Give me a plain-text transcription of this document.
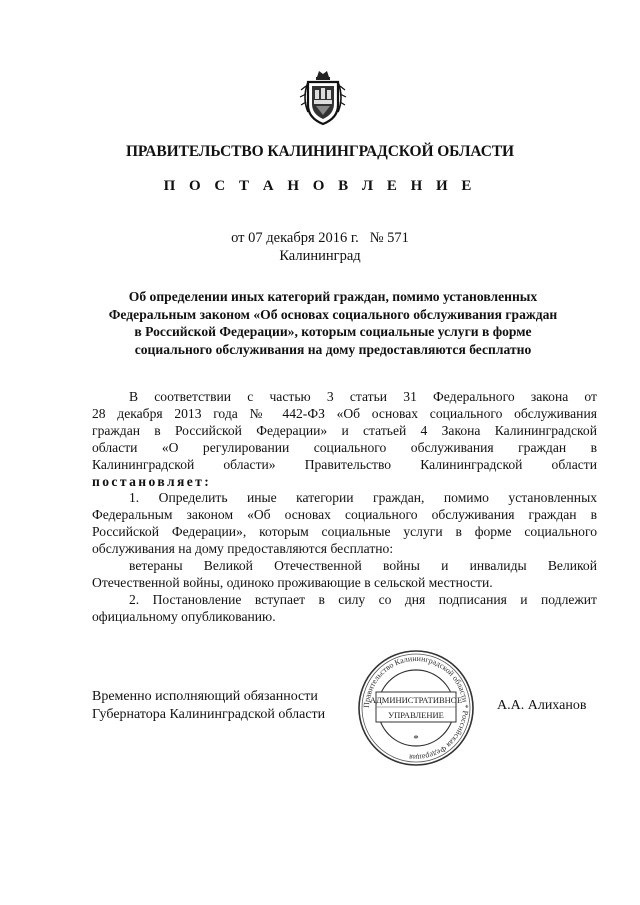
ПРАВИТЕЛЬСТВО КАЛИНИНГРАДСКОЙ ОБЛАСТИ
П О С Т А Н О В Л Е Н И Е
от 07 декабря 2016 г. № 571
Калининград
Об определении иных категорий граждан, помимо установленных
Федеральным законом «Об основах социального обслуживания граждан
в Российской Федерации», которым социальные услуги в форме
социального обслуживания на дому предоставляются бесплатно

В соответствии с частью 3 статьи 31 Федерального закона от

28 декабря 2013 года № 442-ФЗ «Об основах социального обслуживания

граждан в Российской Федерации» и статьей 4 Закона Калининградской

области «О регулировании социального обслуживания граждан в

Калининградской области» Правительство Калининградской области

постановляет:

1. Определить иные категории граждан, помимо установленных

Федеральным законом «Об основах социального обслуживания граждан в

Российской Федерации», которым социальные услуги в форме социального

обслуживания на дому предоставляются бесплатно:

ветераны Великой Отечественной войны и инвалиды Великой

Отечественной войны, одиноко проживающие в сельской местности.

2. Постановление вступает в силу со дня подписания и подлежит

официальному опубликованию.

Временно исполняющий обязанности
Губернатора Калининградской области
Правительство Калининградской области * Российская Федерация
АДМИНИСТРАТИВНОЕ
УПРАВЛЕНИЕ
*
А.А. Алиханов
